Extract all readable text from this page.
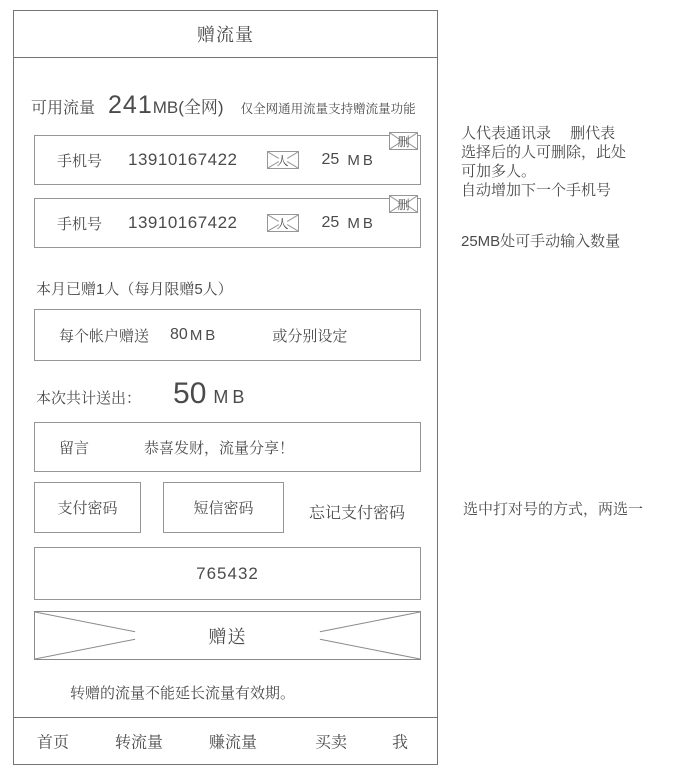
赠流量
可用流量 241 MB(全网) 仅全网通用流量支持赠流量功能
手机号 13910167422	人 25 MB
删
手机号 13910167422	人 25 MB
删
本月已赠1人（每月限赠5人）
每个帐户赠送 80 MB	或分别设定
本次共计送出： 50 MB
留言	恭喜发财，流量分享！
支付密码	短信密码	忘记支付密码
765432
赠送
转赠的流量不能延长流量有效期。
首页	转流量	赚流量	买卖	我
人代表通讯录　 删代表
选择后的人可删除，此处
可加多人。
自动增加下一个手机号
25MB处可手动输入数量
选中打对号的方式，两选一
